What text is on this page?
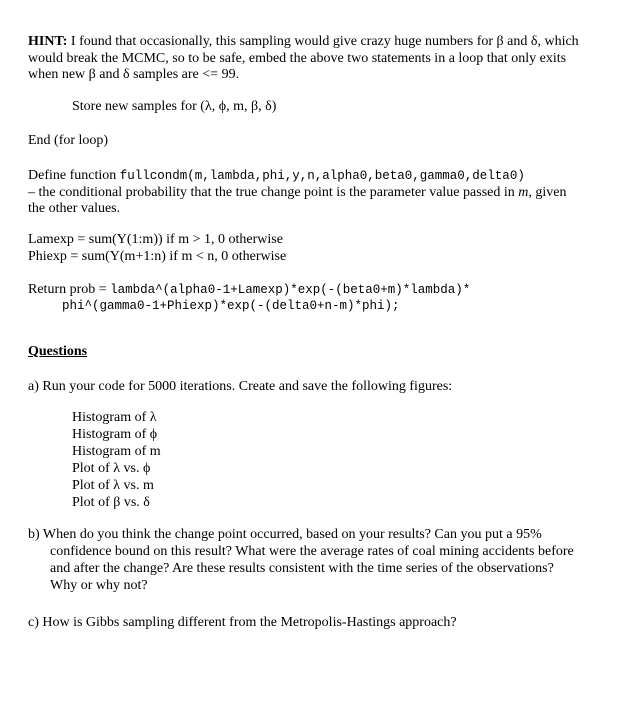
HINT: I found that occasionally, this sampling would give crazy huge numbers for β and δ, which
would break the MCMC, so to be safe, embed the above two statements in a loop that only exits
when new β and δ samples are <= 99.
Store new samples for (λ, ϕ, m, β, δ)
End (for loop)
Define function fullcondm(m,lambda,phi,y,n,alpha0,beta0,gamma0,delta0)
– the conditional probability that the true change point is the parameter value passed in m, given
the other values.
Lamexp = sum(Y(1:m)) if m > 1, 0 otherwise
Phiexp = sum(Y(m+1:n) if m < n, 0 otherwise
Return prob = lambda^(alpha0-1+Lamexp)*exp(-(beta0+m)*lambda)*
phi^(gamma0-1+Phiexp)*exp(-(delta0+n-m)*phi);
Questions
a) Run your code for 5000 iterations. Create and save the following figures:
Histogram of λ
Histogram of ϕ
Histogram of m
Plot of λ vs. ϕ
Plot of λ vs. m
Plot of β vs. δ
b) When do you think the change point occurred, based on your results? Can you put a 95%
confidence bound on this result? What were the average rates of coal mining accidents before
and after the change? Are these results consistent with the time series of the observations?
Why or why not?
c) How is Gibbs sampling different from the Metropolis-Hastings approach?
